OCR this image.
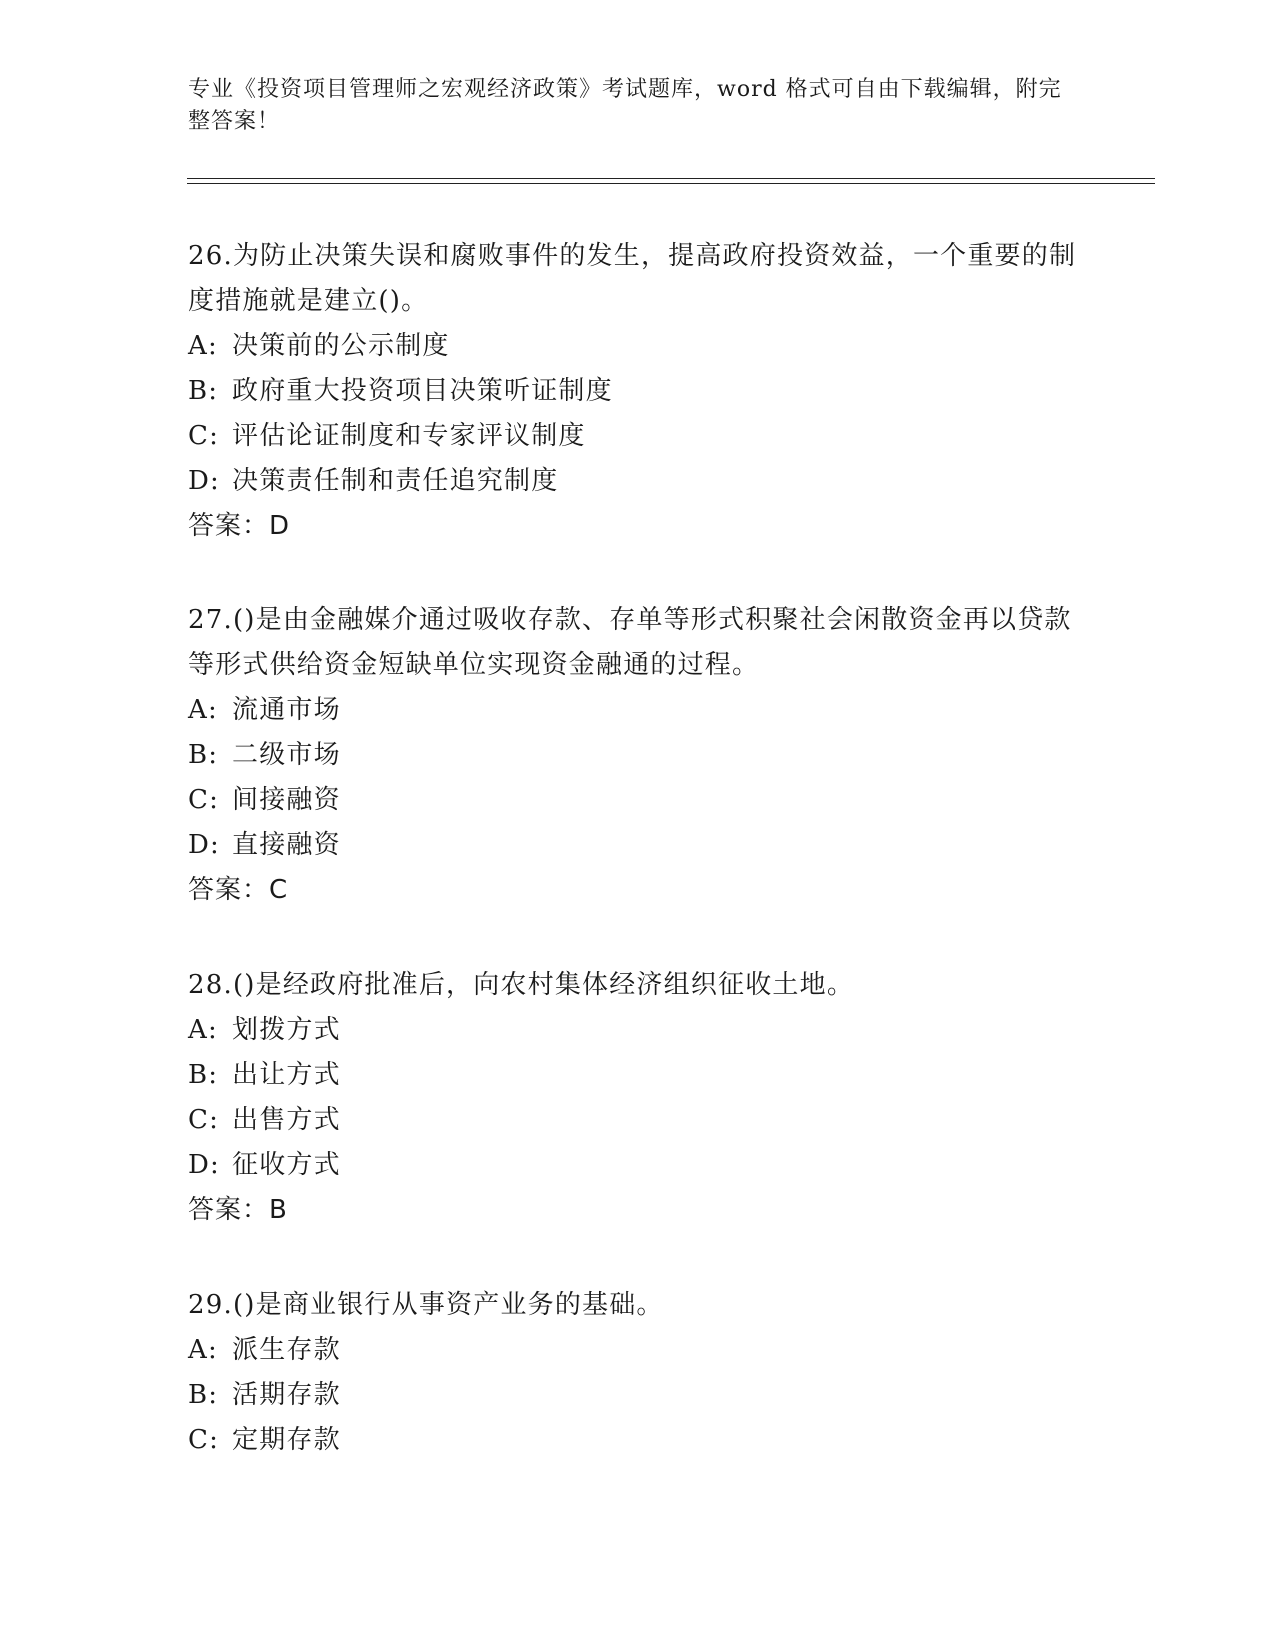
专业《投资项目管理师之宏观经济政策》考试题库，word 格式可自由下载编辑，附完整答案！

26.为防止决策失误和腐败事件的发生，提高政府投资效益，一个重要的制度措施就是建立()。

A: 决策前的公示制度

B: 政府重大投资项目决策听证制度

C: 评估论证制度和专家评议制度

D: 决策责任制和责任追究制度

答案：D

27.()是由金融媒介通过吸收存款、存单等形式积聚社会闲散资金再以贷款等形式供给资金短缺单位实现资金融通的过程。

A: 流通市场

B: 二级市场

C: 间接融资

D: 直接融资

答案：C

28.()是经政府批准后，向农村集体经济组织征收土地。

A: 划拨方式

B: 出让方式

C: 出售方式

D: 征收方式

答案：B

29.()是商业银行从事资产业务的基础。

A: 派生存款

B: 活期存款

C: 定期存款
